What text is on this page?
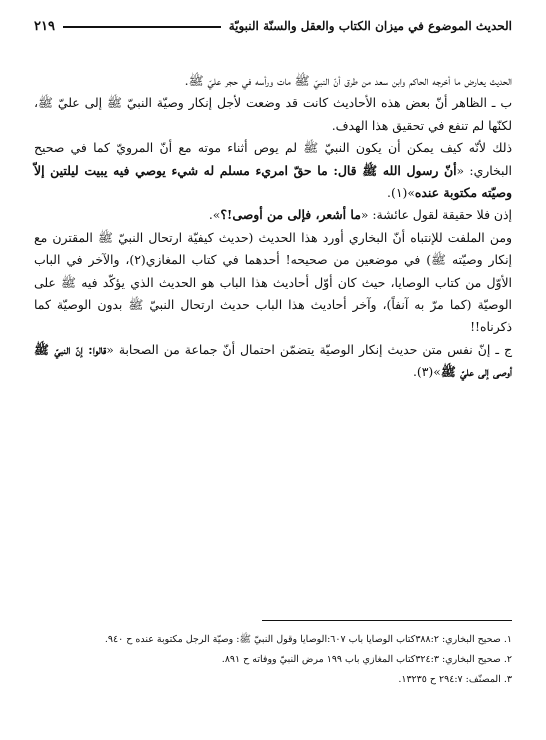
الحديث الموضوع في ميزان الكتاب والعقل والسنّة النبويّة
٢١٩

الحديث يعارض ما أخرجه الحاكم وابن سعد من طرق أنّ النبيّ ﷺ مات ورأسه في حجر عليّ ﷺ.

ب ـ الظاهر أنّ بعض هذه الأحاديث كانت قد وضعت لأجل إنكار وصيّة النبيّ ﷺ إلى عليّ ﷺ، لكنّها لم تنفع في تحقيق هذا الهدف.

ذلك لأنّه كيف يمكن أن يكون النبيّ ﷺ لم يوص أثناء موته مع أنّ المرويّ كما في صحيح البخاري: «أنّ رسول الله ﷺ قال: ما حقّ امريء مسلم له شيء يوصي فيه يبيت ليلتين إلاّ وصيّته مكتوبة عنده»(١).

إذن فلا حقيقة لقول عائشة: «ما أشعر، فإلى من أوصى!؟».

ومن الملفت للإنتباه أنّ البخاري أورد هذا الحديث (حديث كيفيّة ارتحال النبيّ ﷺ المقترن مع إنكار وصيّته ﷺ) في موضعين من صحيحه! أحدهما في كتاب المغازي(٢)، والآخر في الباب الأوّل من كتاب الوصايا، حيث كان أوّل أحاديث هذا الباب هو الحديث الذي يؤكّد فيه ﷺ على الوصيّة (كما مرّ به آنفاً)، وآخر أحاديث هذا الباب حديث ارتحال النبيّ ﷺ بدون الوصيّة كما ذكرناه!!

ج ـ إنّ نفس متن حديث إنكار الوصيّة يتضمّن احتمال أنّ جماعة من الصحابة «قالوا: إنّ النبيّ ﷺ أوصى إلى عليّ ﷺ»(٣).

١. صحيح البخاري: ٣٨٨:٢كتاب الوصايا باب ٦٠٧:الوصايا وقول النبيّ ﷺ: وصيّة الرجل مكتوبة عنده ح ٩٤٠.

٢. صحيح البخاري: ٣٢٤:٣كتاب المغازي باب ١٩٩ مرض النبيّ ووفاته ح ٨٩١.

٣. المصنّف: ٢٩٤:٧ ح ١٣٢٣٥.
